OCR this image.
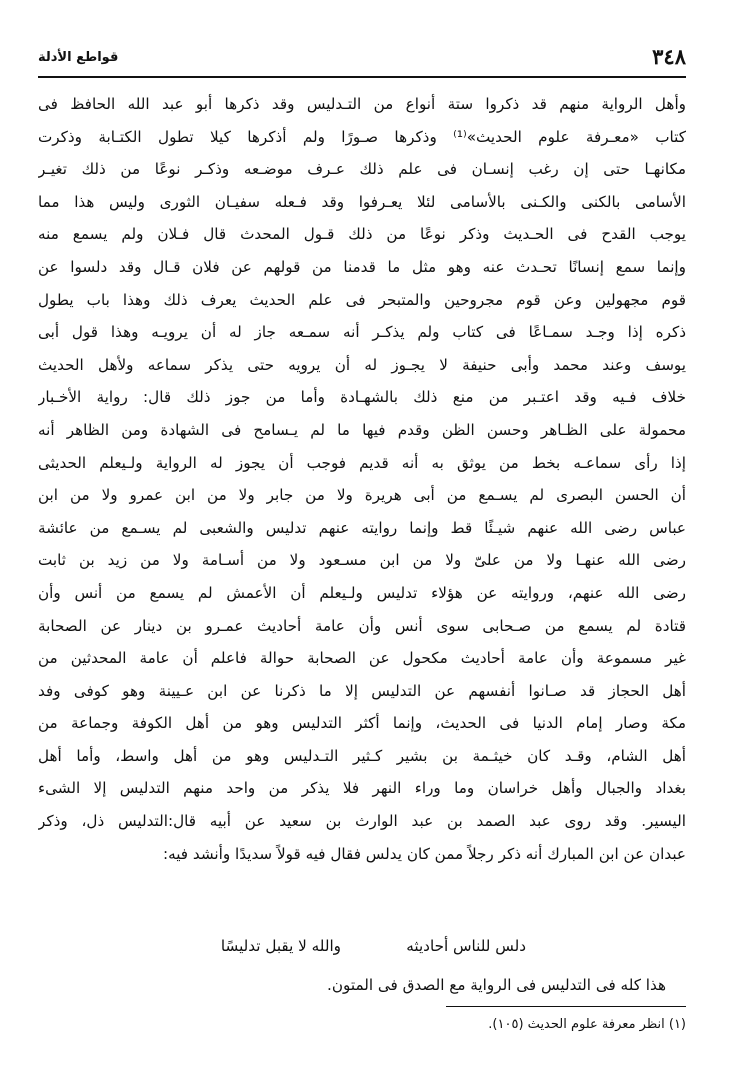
٣٤٨
قواطع الأدلة
وأهل الرواية منهم قد ذكروا ستة أنواع من التـدليس وقد ذكرها أبو عبد الله الحافظ فى
كتاب «معـرفة علوم الحديث»⁽¹⁾ وذكرها صـورًا ولم أذكرها كيلا تطول الكتـابة وذكرت
مكانهـا حتى إن رغب إنسـان فى علم ذلك عـرف موضـعه وذكـر نوعًا من ذلك تغيـر
الأسامى بالكنى والكـنى بالأسامى لئلا يعـرفوا وقد فـعله سفيـان الثورى وليس هذا مما
يوجب القدح فى الحـديث وذكر نوعًا من ذلك قـول المحدث قال فـلان ولم يسمع منه
وإنما سمع إنسانًا تحـدث عنه وهو مثل ما قدمنا من قولهم عن فلان قـال وقد دلسوا عن
قوم مجهولين وعن قوم مجروحين والمتبحر فى علم الحديث يعرف ذلك وهذا باب يطول
ذكره إذا وجـد سمـاعًا فى كتاب ولم يذكـر أنه سمـعه جاز له أن يرويـه وهذا قول أبى
يوسف وعند محمد وأبى حنيفة لا يجـوز له أن يرويه حتى يذكر سماعه ولأهل الحديث
خلاف فـيه وقد اعتـبر من منع ذلك بالشهـادة وأما من جوز ذلك قال: رواية الأخـبار
محمولة على الظـاهر وحسن الظن وقدم فيها ما لم يـسامح فى الشهادة ومن الظاهر أنه
إذا رأى سماعـه بخط من يوثق به أنه قديم فوجب أن يجوز له الرواية ولـيعلم الحديثى
أن الحسن البصرى لم يسـمع من أبى هريرة ولا من جابر ولا من ابن عمرو ولا من ابن
عباس رضى الله عنهم شيـئًا قط وإنما روايته عنهم تدليس والشعبى لم يسـمع من عائشة
رضى الله عنهـا ولا من علىّ ولا من ابن مسـعود ولا من أسـامة ولا من زيد بن ثابت
رضى الله عنهم، وروايته عن هؤلاء تدليس ولـيعلم أن الأعمش لم يسمع من أنس وأن
قتادة لم يسمع من صـحابى سوى أنس وأن عامة أحاديث عمـرو بن دينار عن الصحابة
غير مسموعة وأن عامة أحاديث مكحول عن الصحابة حوالة فاعلم أن عامة المحدثين من
أهل الحجاز قد صـانوا أنفسهم عن التدليس إلا ما ذكرنا عن ابن عـيينة وهو كوفى وفد
مكة وصار إمام الدنيا فى الحديث، وإنما أكثر التدليس وهو من أهل الكوفة وجماعة من
أهل الشام، وقـد كان خيثـمة بن بشير كـثير التـدليس وهو من أهل واسط، وأما أهل
بغداد والجبال وأهل خراسان وما وراء النهر فلا يذكر من واحد منهم التدليس إلا الشىء
اليسير. وقد روى عبد الصمد بن عبد الوارث بن سعيد عن أبيه قال:التدليس ذل، وذكر
عبدان عن ابن المبارك أنه ذكر رجلاً ممن كان يدلس فقال فيه قولاً سديدًا وأنشد فيه:
دلس للناس أحاديثه
والله لا يقبل تدليسًا
هذا كله فى التدليس فى الرواية مع الصدق فى المتون.
(١) انظر معرفة علوم الحديث (١٠٥).
